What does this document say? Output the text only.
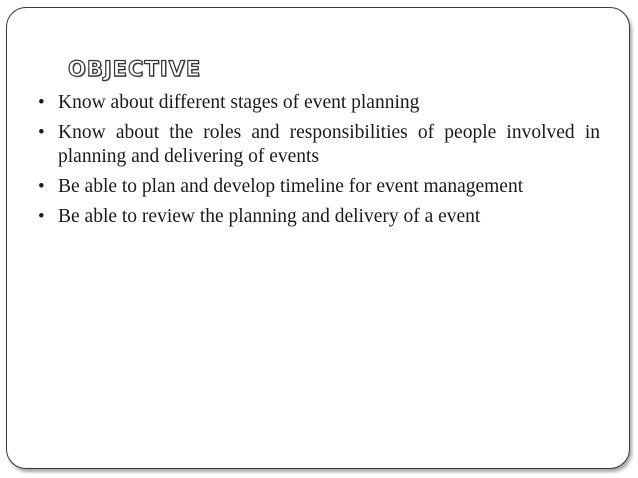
objective
• Know about different stages of event planning
• Know about the roles and responsibilities of people involved in planning and delivering of events
• Be able to plan and develop timeline for event management
• Be able to review the planning and delivery of a event
